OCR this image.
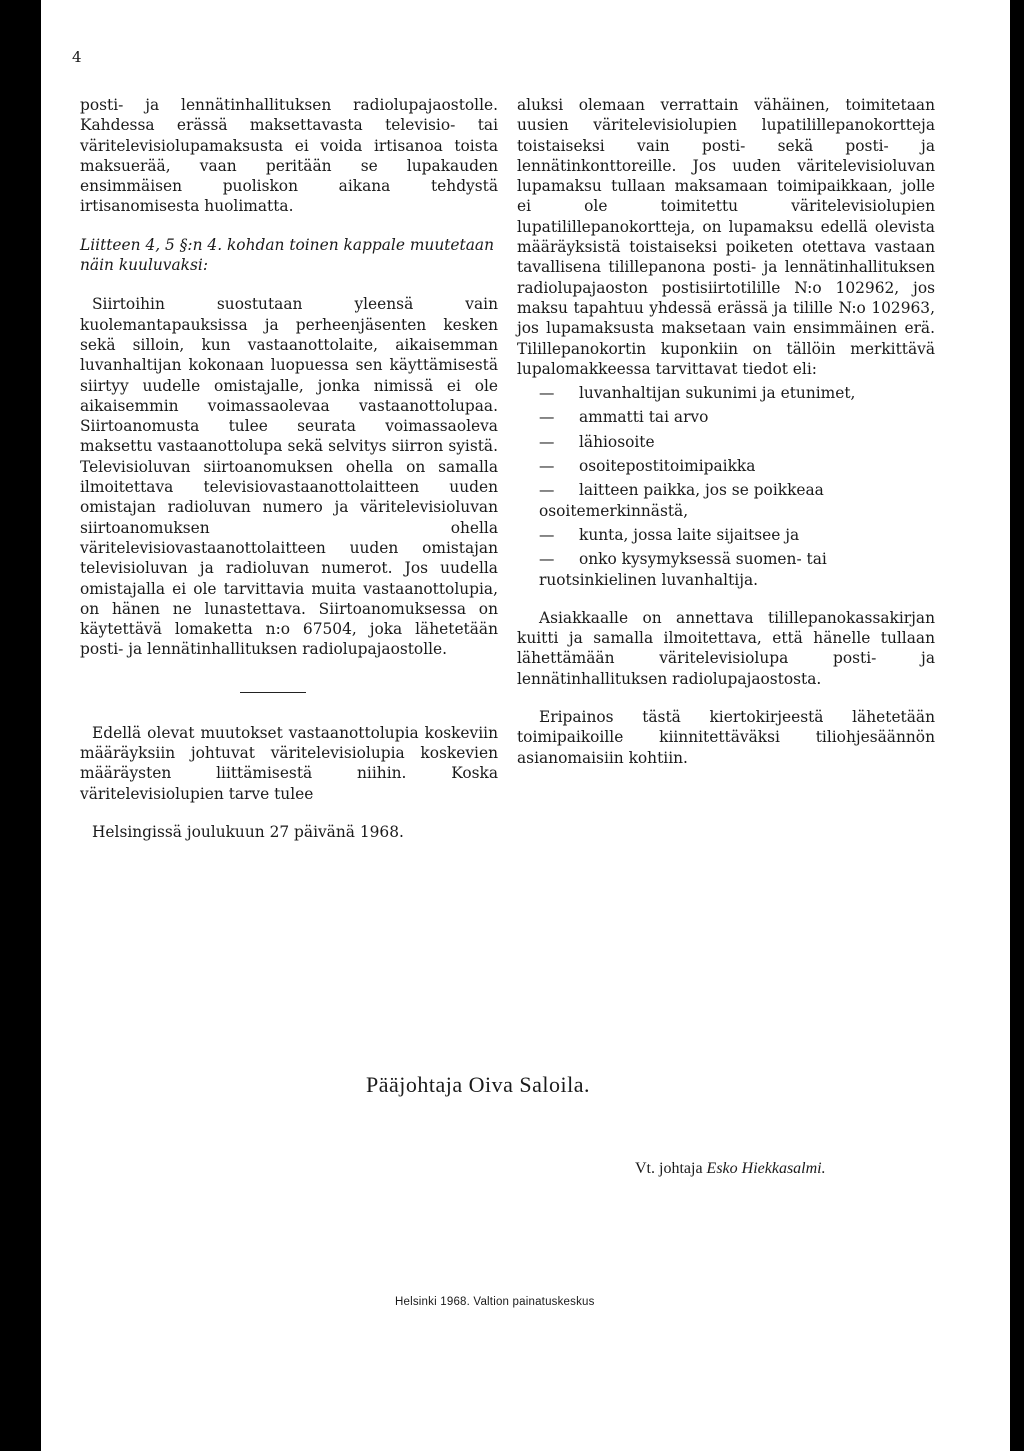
4

posti- ja lennätinhallituksen radiolupajaostolle. Kahdessa erässä maksettavasta televisio- tai väritelevisiolupamaksusta ei voida irtisanoa toista maksuerää, vaan peritään se lupakauden ensimmäisen puoliskon aikana tehdystä irtisanomisesta huolimatta.

Liitteen 4, 5 §:n 4. kohdan toinen kappale muutetaan näin kuuluvaksi:

Siirtoihin suostutaan yleensä vain kuolemantapauksissa ja perheenjäsenten kesken sekä silloin, kun vastaanottolaite, aikaisemman luvanhaltijan kokonaan luopuessa sen käyttämisestä siirtyy uudelle omistajalle, jonka nimissä ei ole aikaisemmin voimassaolevaa vastaanottolupaa. Siirtoanomusta tulee seurata voimassaoleva maksettu vastaanottolupa sekä selvitys siirron syistä. Televisioluvan siirtoanomuksen ohella on samalla ilmoitettava televisiovastaanottolaitteen uuden omistajan radioluvan numero ja väritelevisioluvan siirtoanomuksen ohella väritelevisiovastaanottolaitteen uuden omistajan televisioluvan ja radioluvan numerot. Jos uudella omistajalla ei ole tarvittavia muita vastaanottolupia, on hänen ne lunastettava. Siirtoanomuksessa on käytettävä lomaketta n:o 67504, joka lähetetään posti- ja lennätinhallituksen radiolupajaostolle.

Edellä olevat muutokset vastaanottolupia koskeviin määräyksiin johtuvat väritelevisiolupia koskevien määräysten liittämisestä niihin. Koska väritelevisiolupien tarve tulee

Helsingissä joulukuun 27 päivänä 1968.

aluksi olemaan verrattain vähäinen, toimitetaan uusien väritelevisiolupien lupatilillepanokortteja toistaiseksi vain posti- sekä posti- ja lennätinkonttoreille. Jos uuden väritelevisioluvan lupamaksu tullaan maksamaan toimipaikkaan, jolle ei ole toimitettu väritelevisiolupien lupatilillepanokortteja, on lupamaksu edellä olevista määräyksistä toistaiseksi poiketen otettava vastaan tavallisena tilillepanona posti- ja lennätinhallituksen radiolupajaoston postisiirtotilille N:o 102962, jos maksu tapahtuu yhdessä erässä ja tilille N:o 102963, jos lupamaksusta maksetaan vain ensimmäinen erä. Tilillepanokortin kuponkiin on tällöin merkittävä lupalomakkeessa tarvittavat tiedot eli:

— luvanhaltijan sukunimi ja etunimet,
— ammatti tai arvo
— lähiosoite
— osoitepostitoimipaikka
— laitteen paikka, jos se poikkeaa osoitemerkinnästä,
— kunta, jossa laite sijaitsee ja
— onko kysymyksessä suomen- tai ruotsinkielinen luvanhaltija.

Asiakkaalle on annettava tilillepanokassakirjan kuitti ja samalla ilmoitettava, että hänelle tullaan lähettämään väritelevisiolupa posti- ja lennätinhallituksen radiolupajaostosta.

Eripainos tästä kiertokirjeestä lähetetään toimipaikoille kiinnitettäväksi tiliohjesäännön asianomaisiin kohtiin.

Pääjohtaja Oiva Saloila.
Vt. johtaja Esko Hiekkasalmi.
Helsinki 1968. Valtion painatuskeskus
